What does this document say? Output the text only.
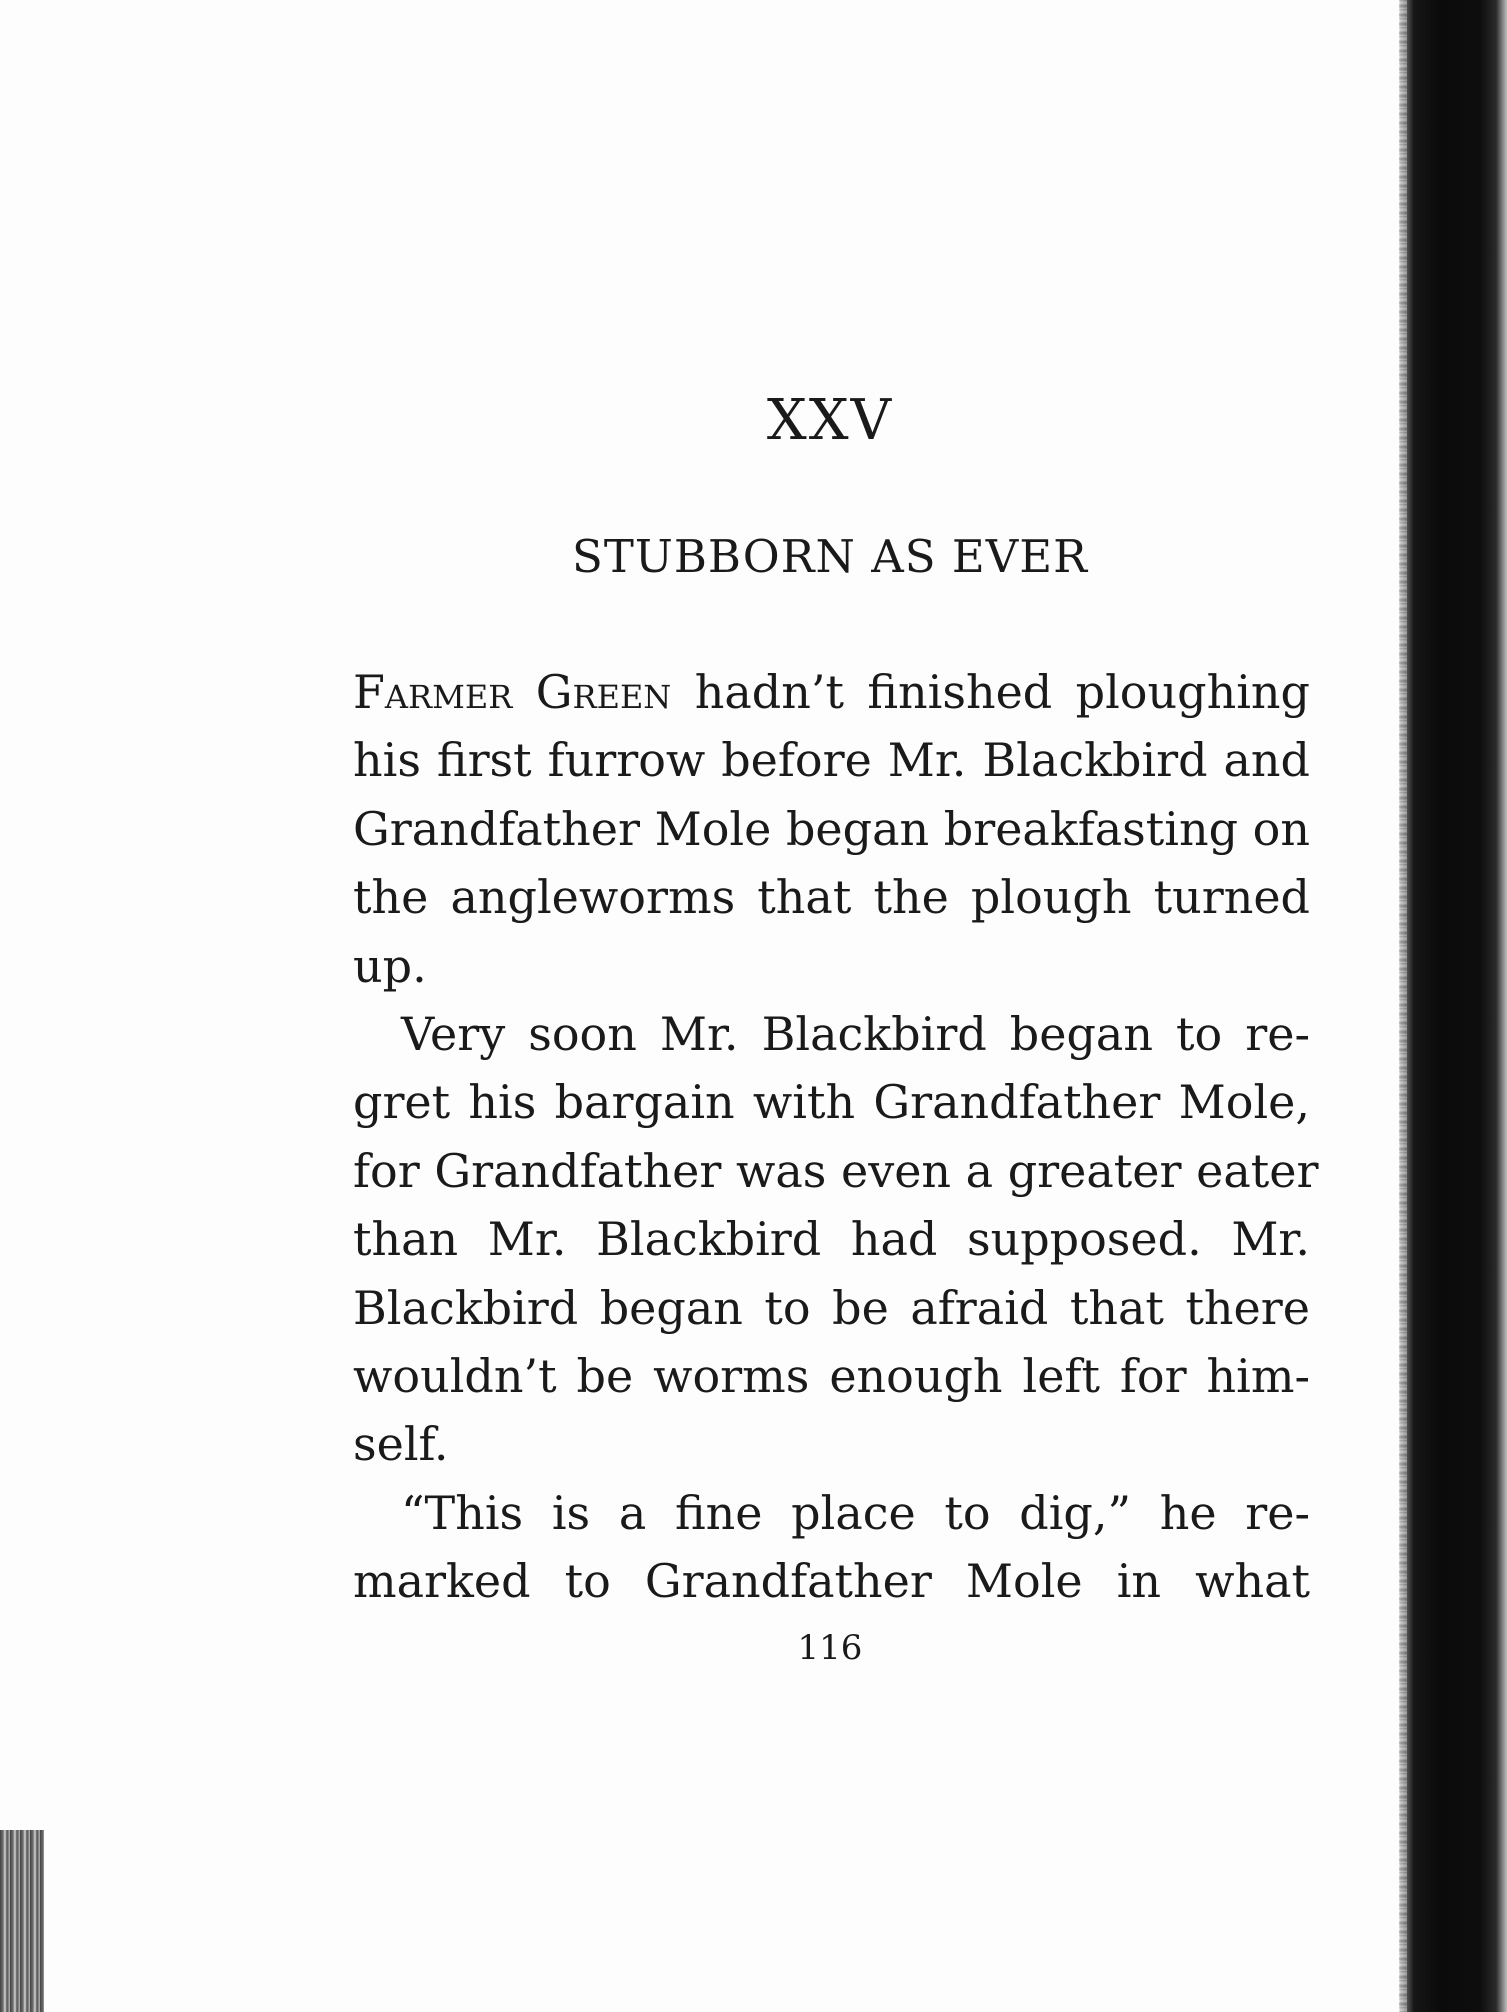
XXV
STUBBORN AS EVER

Farmer Green hadn’t finished ploughing
his first furrow before Mr. Blackbird and
Grandfather Mole began breakfasting on
the angleworms that the plough turned
up.

Very soon Mr. Blackbird began to re-
gret his bargain with Grandfather Mole,
for Grandfather was even a greater eater
than Mr. Blackbird had supposed. Mr.
Blackbird began to be afraid that there
wouldn’t be worms enough left for him-
self.

“This is a fine place to dig,” he re-
marked to Grandfather Mole in what

116
